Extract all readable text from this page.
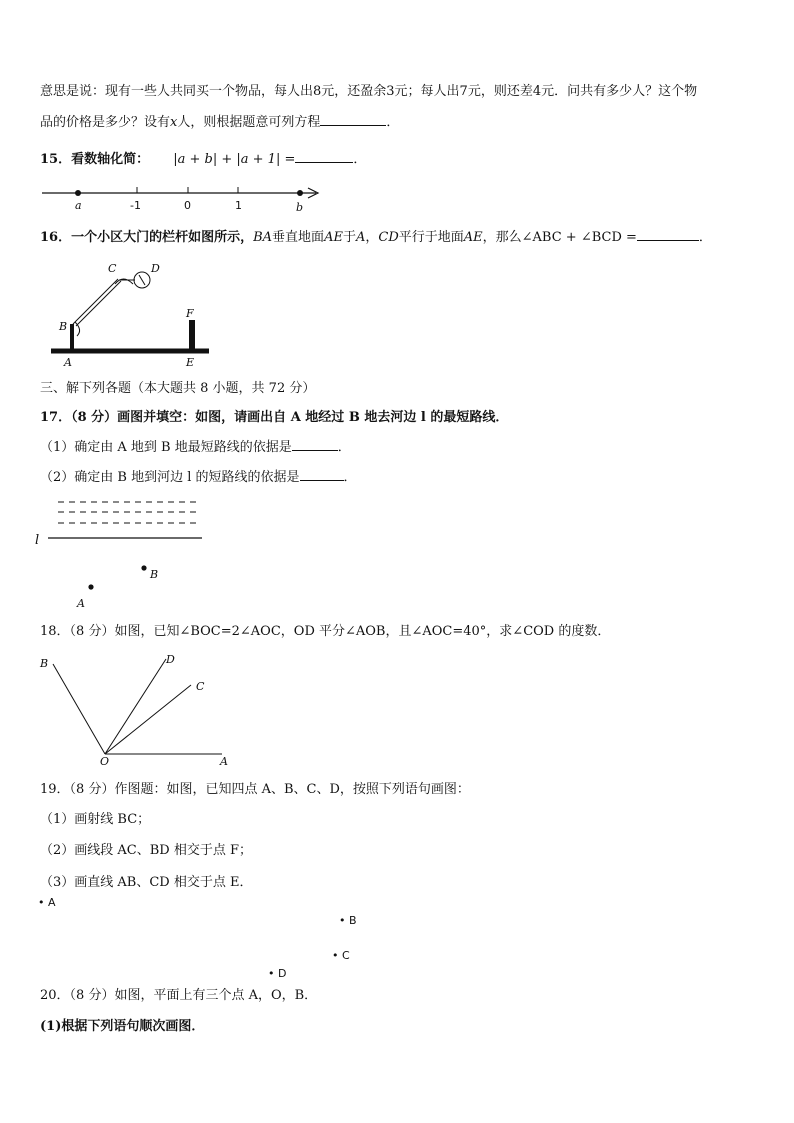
意思是说：现有一些人共同买一个物品，每人出8元，还盈余3元；每人出7元，则还差4元．问共有多少人？这个物
品的价格是多少？设有x人，则根据题意可列方程	．
15．看数轴化简： |a + b| + |a + 1| =	．
a	-1	0	1	b
16．一个小区大门的栏杆如图所示，BA垂直地面AE于A，CD平行于地面AE，那么∠ABC + ∠BCD =	．
C	D
B
F
A	E
三、解下列各题（本大题共 8 小题，共 72 分）
17．（8 分）画图并填空：如图，请画出自 A 地经过 B 地去河边 l 的最短路线．
（1）确定由 A 地到 B 地最短路线的依据是	．
（2）确定由 B 地到河边 l 的短路线的依据是	．
l
B
A
18．（8 分）如图，已知∠BOC=2∠AOC，OD 平分∠AOB，且∠AOC=40°，求∠COD 的度数．
B	D
C
O	A
19．（8 分）作图题：如图，已知四点 A、B、C、D，按照下列语句画图：
（1）画射线 BC；
（2）画线段 AC、BD 相交于点 F；
（3）画直线 AB、CD 相交于点 E．
• A
• B
• C
• D
20．（8 分）如图，平面上有三个点 A，O，B．
(1)根据下列语句顺次画图．
